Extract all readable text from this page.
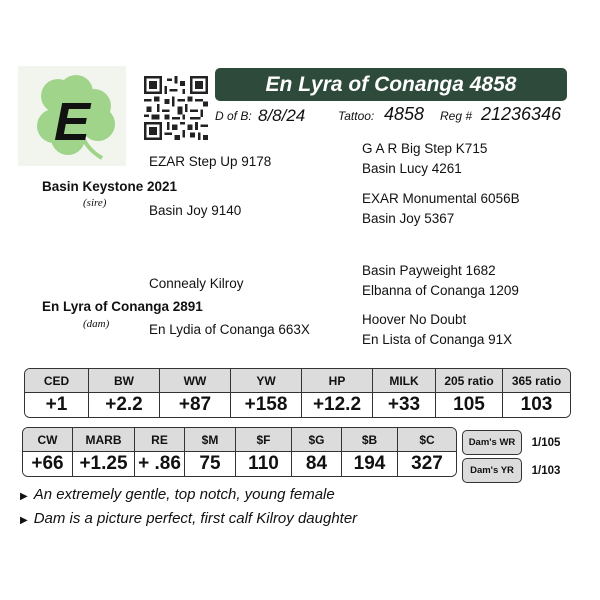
E
En Lyra of Conanga 4858
D of B: 8/8/24	Tattoo: 4858 Reg # 21236346
EZAR Step Up 9178
Basin Keystone 2021
(sire)	Basin Joy 9140
G A R Big Step K715
Basin Lucy 4261
EXAR Monumental 6056B
Basin Joy 5367
Connealy Kilroy
En Lyra of Conanga 2891
(dam)	En Lydia of Conanga 663X
Basin Payweight 1682
Elbanna of Conanga 1209
Hoover No Doubt
En Lista of Conanga 91X
CED	BW	WW	YW	HP	MILK	205 ratio	365 ratio
+1	+2.2	+87	+158	+12.2	+33	105	103
CW	MARB	RE	$M	$F	$G	$B	$C
+66	+1.25	+ .86	75	110	84	194	327
Dam's WR	1/105
Dam's YR	1/103
▶ An extremely gentle, top notch, young female
▶ Dam is a picture perfect, first calf Kilroy daughter
